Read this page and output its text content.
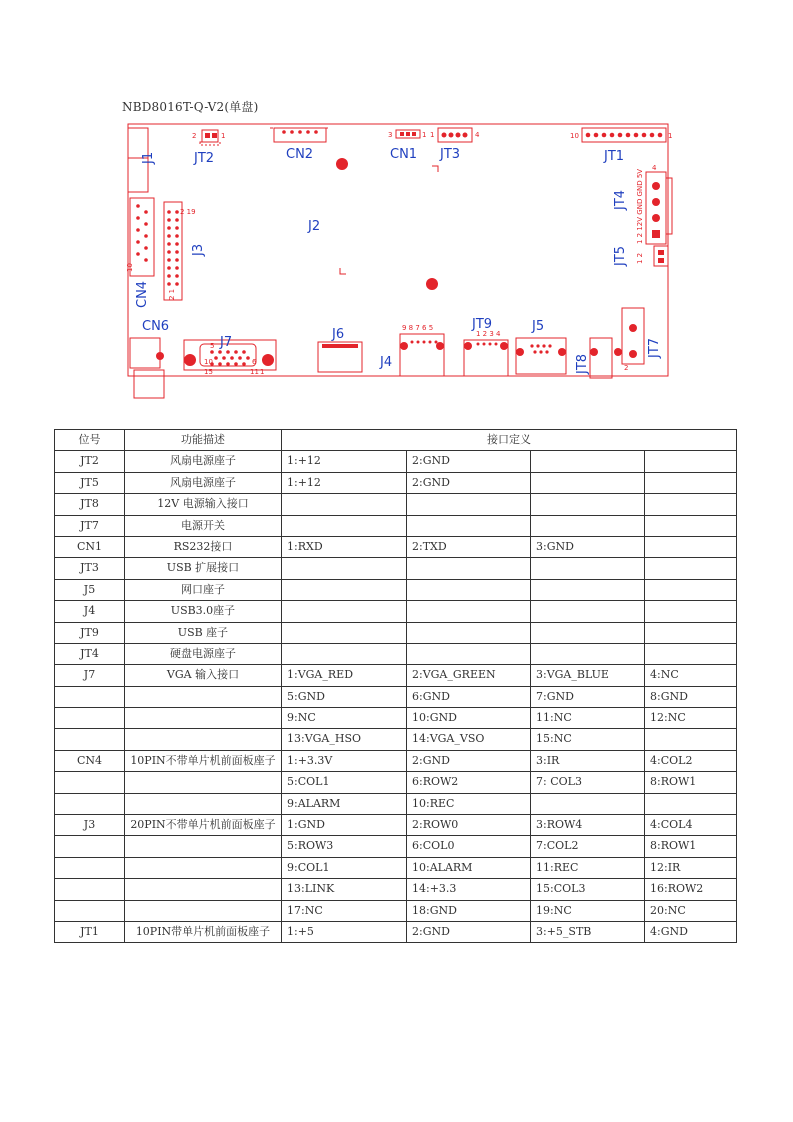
NBD8016T-Q-V2(单盘)
J1	JT2	CN2	CN1 JT3	JT1
JT4
JT5
J2
J3
CN4
CN6
J7
J6
J4
JT9	J5
JT8
JT7
2	1	3	1 1	4	10	1
1 2 12V GND GND 5V
4
1 2
2 19
2 1
10
5
10
15
6
11 1
9 8 7 6 5
1 2 3 4
2
位号	功能描述	接口定义			
JT2	风扇电源座子	1:+12	2:GND		
JT5	风扇电源座子	1:+12	2:GND		
JT8	12V 电源输入接口				
JT7	电源开关				
CN1	RS232接口	1:RXD	2:TXD	3:GND	
JT3	USB 扩展接口				
J5	网口座子				
J4	USB3.0座子				
JT9	USB 座子				
JT4	硬盘电源座子				
J7	VGA 输入接口	1:VGA_RED	2:VGA_GREEN	3:VGA_BLUE	4:NC
		5:GND	6:GND	7:GND	8:GND
		9:NC	10:GND	11:NC	12:NC
		13:VGA_HSO	14:VGA_VSO	15:NC	
CN4	10PIN不带单片机前面板座子	1:+3.3V	2:GND	3:IR	4:COL2
		5:COL1	6:ROW2	7: COL3	8:ROW1
		9:ALARM	10:REC		
J3	20PIN不带单片机前面板座子	1:GND	2:ROW0	3:ROW4	4:COL4
		5:ROW3	6:COL0	7:COL2	8:ROW1
		9:COL1	10:ALARM	11:REC	12:IR
		13:LINK	14:+3.3	15:COL3	16:ROW2
		17:NC	18:GND	19:NC	20:NC
JT1	10PIN带单片机前面板座子	1:+5	2:GND	3:+5_STB	4:GND
